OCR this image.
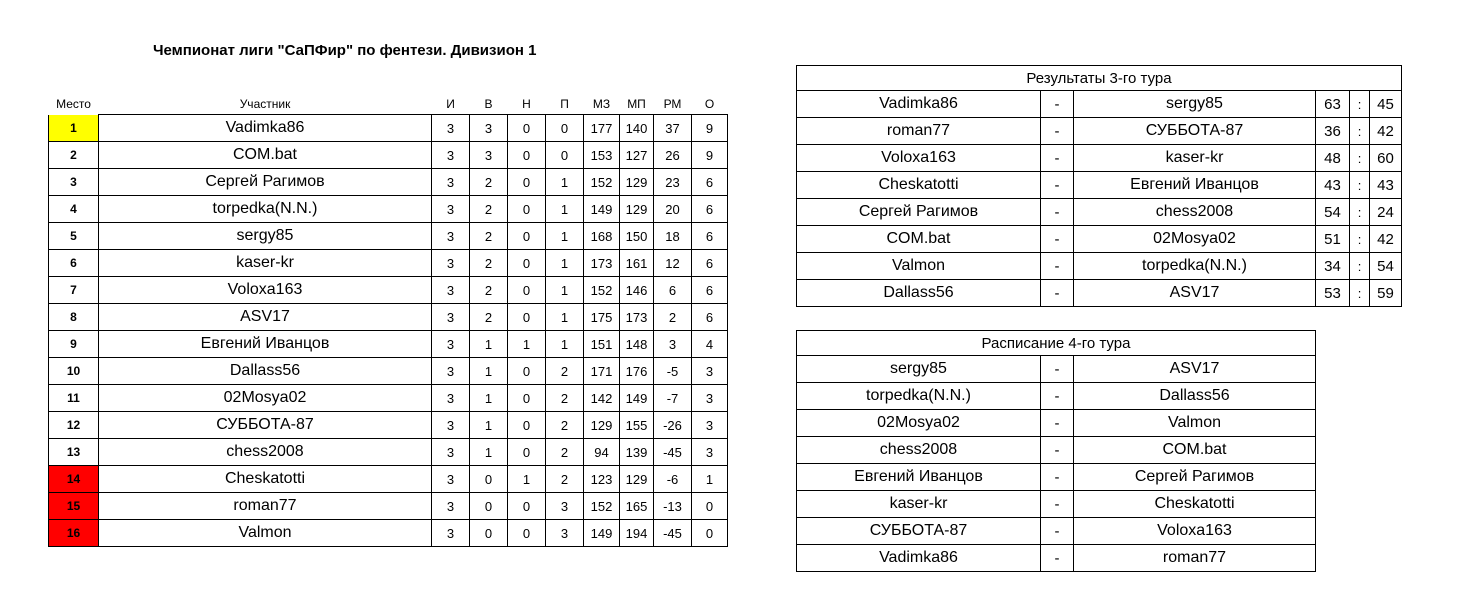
Чемпионат лиги "СаПФир" по фентези. Дивизион 1
Место	Участник	И	В	Н	П	МЗ	МП	РМ	О
1	Vadimka86	3	3	0	0	177	140	37	9
2	COM.bat	3	3	0	0	153	127	26	9
3	Сергей Рагимов	3	2	0	1	152	129	23	6
4	torpedka(N.N.)	3	2	0	1	149	129	20	6
5	sergy85	3	2	0	1	168	150	18	6
6	kaser-kr	3	2	0	1	173	161	12	6
7	Voloxa163	3	2	0	1	152	146	6	6
8	ASV17	3	2	0	1	175	173	2	6
9	Евгений Иванцов	3	1	1	1	151	148	3	4
10	Dallass56	3	1	0	2	171	176	-5	3
11	02Mosya02	3	1	0	2	142	149	-7	3
12	СУББОТА-87	3	1	0	2	129	155	-26	3
13	chess2008	3	1	0	2	94	139	-45	3
14	Cheskatotti	3	0	1	2	123	129	-6	1
15	roman77	3	0	0	3	152	165	-13	0
16	Valmon	3	0	0	3	149	194	-45	0
Результаты 3-го тура					
Vadimka86	-	sergy85	63	:	45
roman77	-	СУББОТА-87	36	:	42
Voloxa163	-	kaser-kr	48	:	60
Cheskatotti	-	Евгений Иванцов	43	:	43
Сергей Рагимов	-	chess2008	54	:	24
COM.bat	-	02Mosya02	51	:	42
Valmon	-	torpedka(N.N.)	34	:	54
Dallass56	-	ASV17	53	:	59
Расписание 4-го тура		
sergy85	-	ASV17
torpedka(N.N.)	-	Dallass56
02Mosya02	-	Valmon
chess2008	-	COM.bat
Евгений Иванцов	-	Сергей Рагимов
kaser-kr	-	Cheskatotti
СУББОТА-87	-	Voloxa163
Vadimka86	-	roman77
